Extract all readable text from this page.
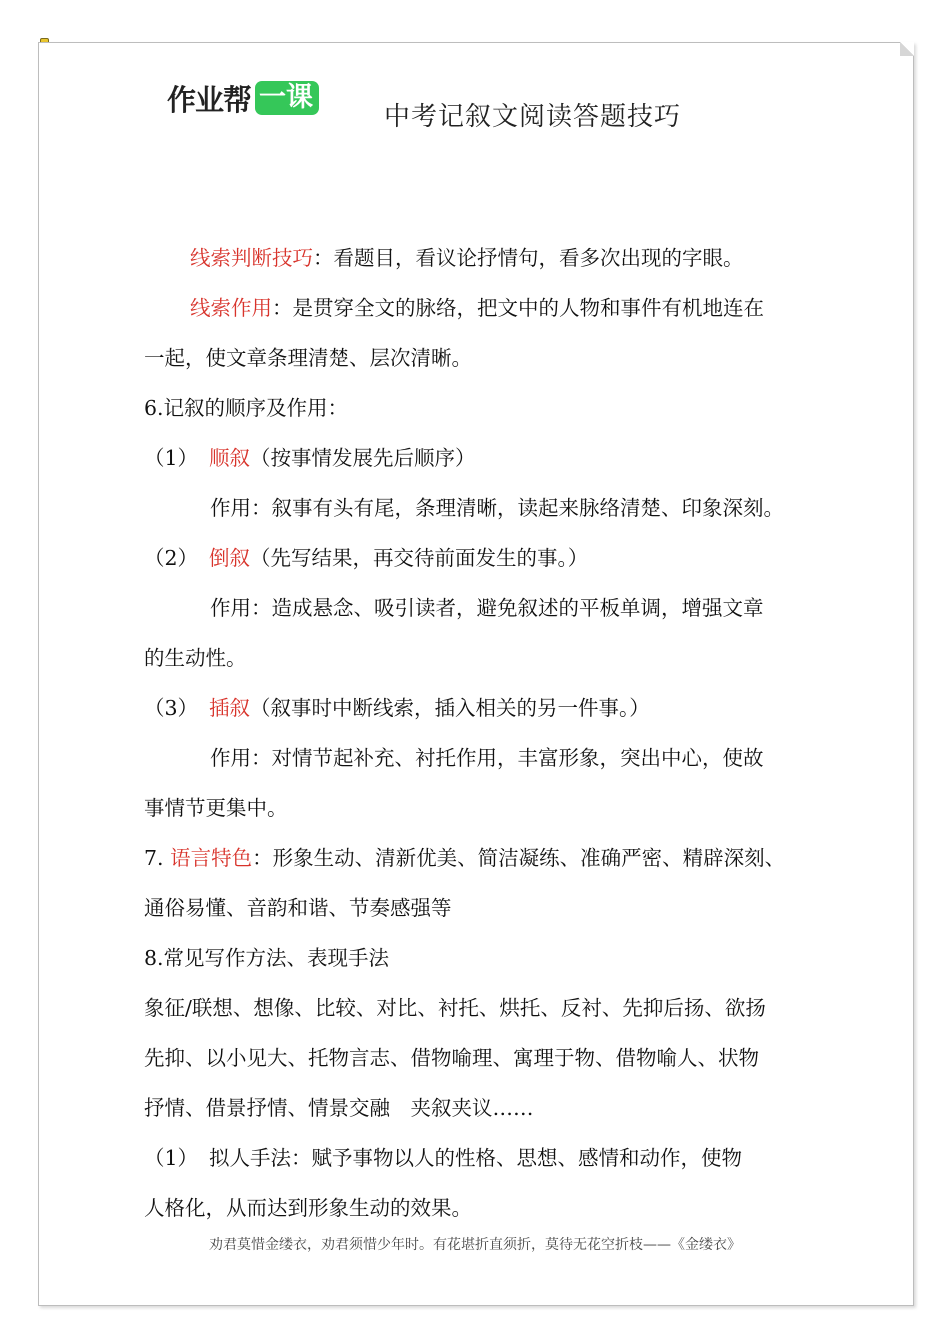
作业帮 一课
中考记叙文阅读答题技巧
线索判断技巧：看题目，看议论抒情句，看多次出现的字眼。
线索作用：是贯穿全文的脉络，把文中的人物和事件有机地连在
一起，使文章条理清楚、层次清晰。
6.记叙的顺序及作用：
（1） 顺叙（按事情发展先后顺序）
作用：叙事有头有尾，条理清晰，读起来脉络清楚、印象深刻。
（2） 倒叙（先写结果，再交待前面发生的事。）
作用：造成悬念、吸引读者，避免叙述的平板单调，增强文章
的生动性。
（3） 插叙（叙事时中断线索，插入相关的另一件事。）
作用：对情节起补充、衬托作用，丰富形象，突出中心，使故
事情节更集中。
7. 语言特色：形象生动、清新优美、简洁凝练、准确严密、精辟深刻、
通俗易懂、音韵和谐、节奏感强等
8.常见写作方法、表现手法
象征/联想、想像、比较、对比、衬托、烘托、反衬、先抑后扬、欲扬
先抑、以小见大、托物言志、借物喻理、寓理于物、借物喻人、状物
抒情、借景抒情、情景交融　夹叙夹议……
（1） 拟人手法：赋予事物以人的性格、思想、感情和动作，使物
人格化，从而达到形象生动的效果。
劝君莫惜金缕衣，劝君须惜少年时。有花堪折直须折，莫待无花空折枝——《金缕衣》
